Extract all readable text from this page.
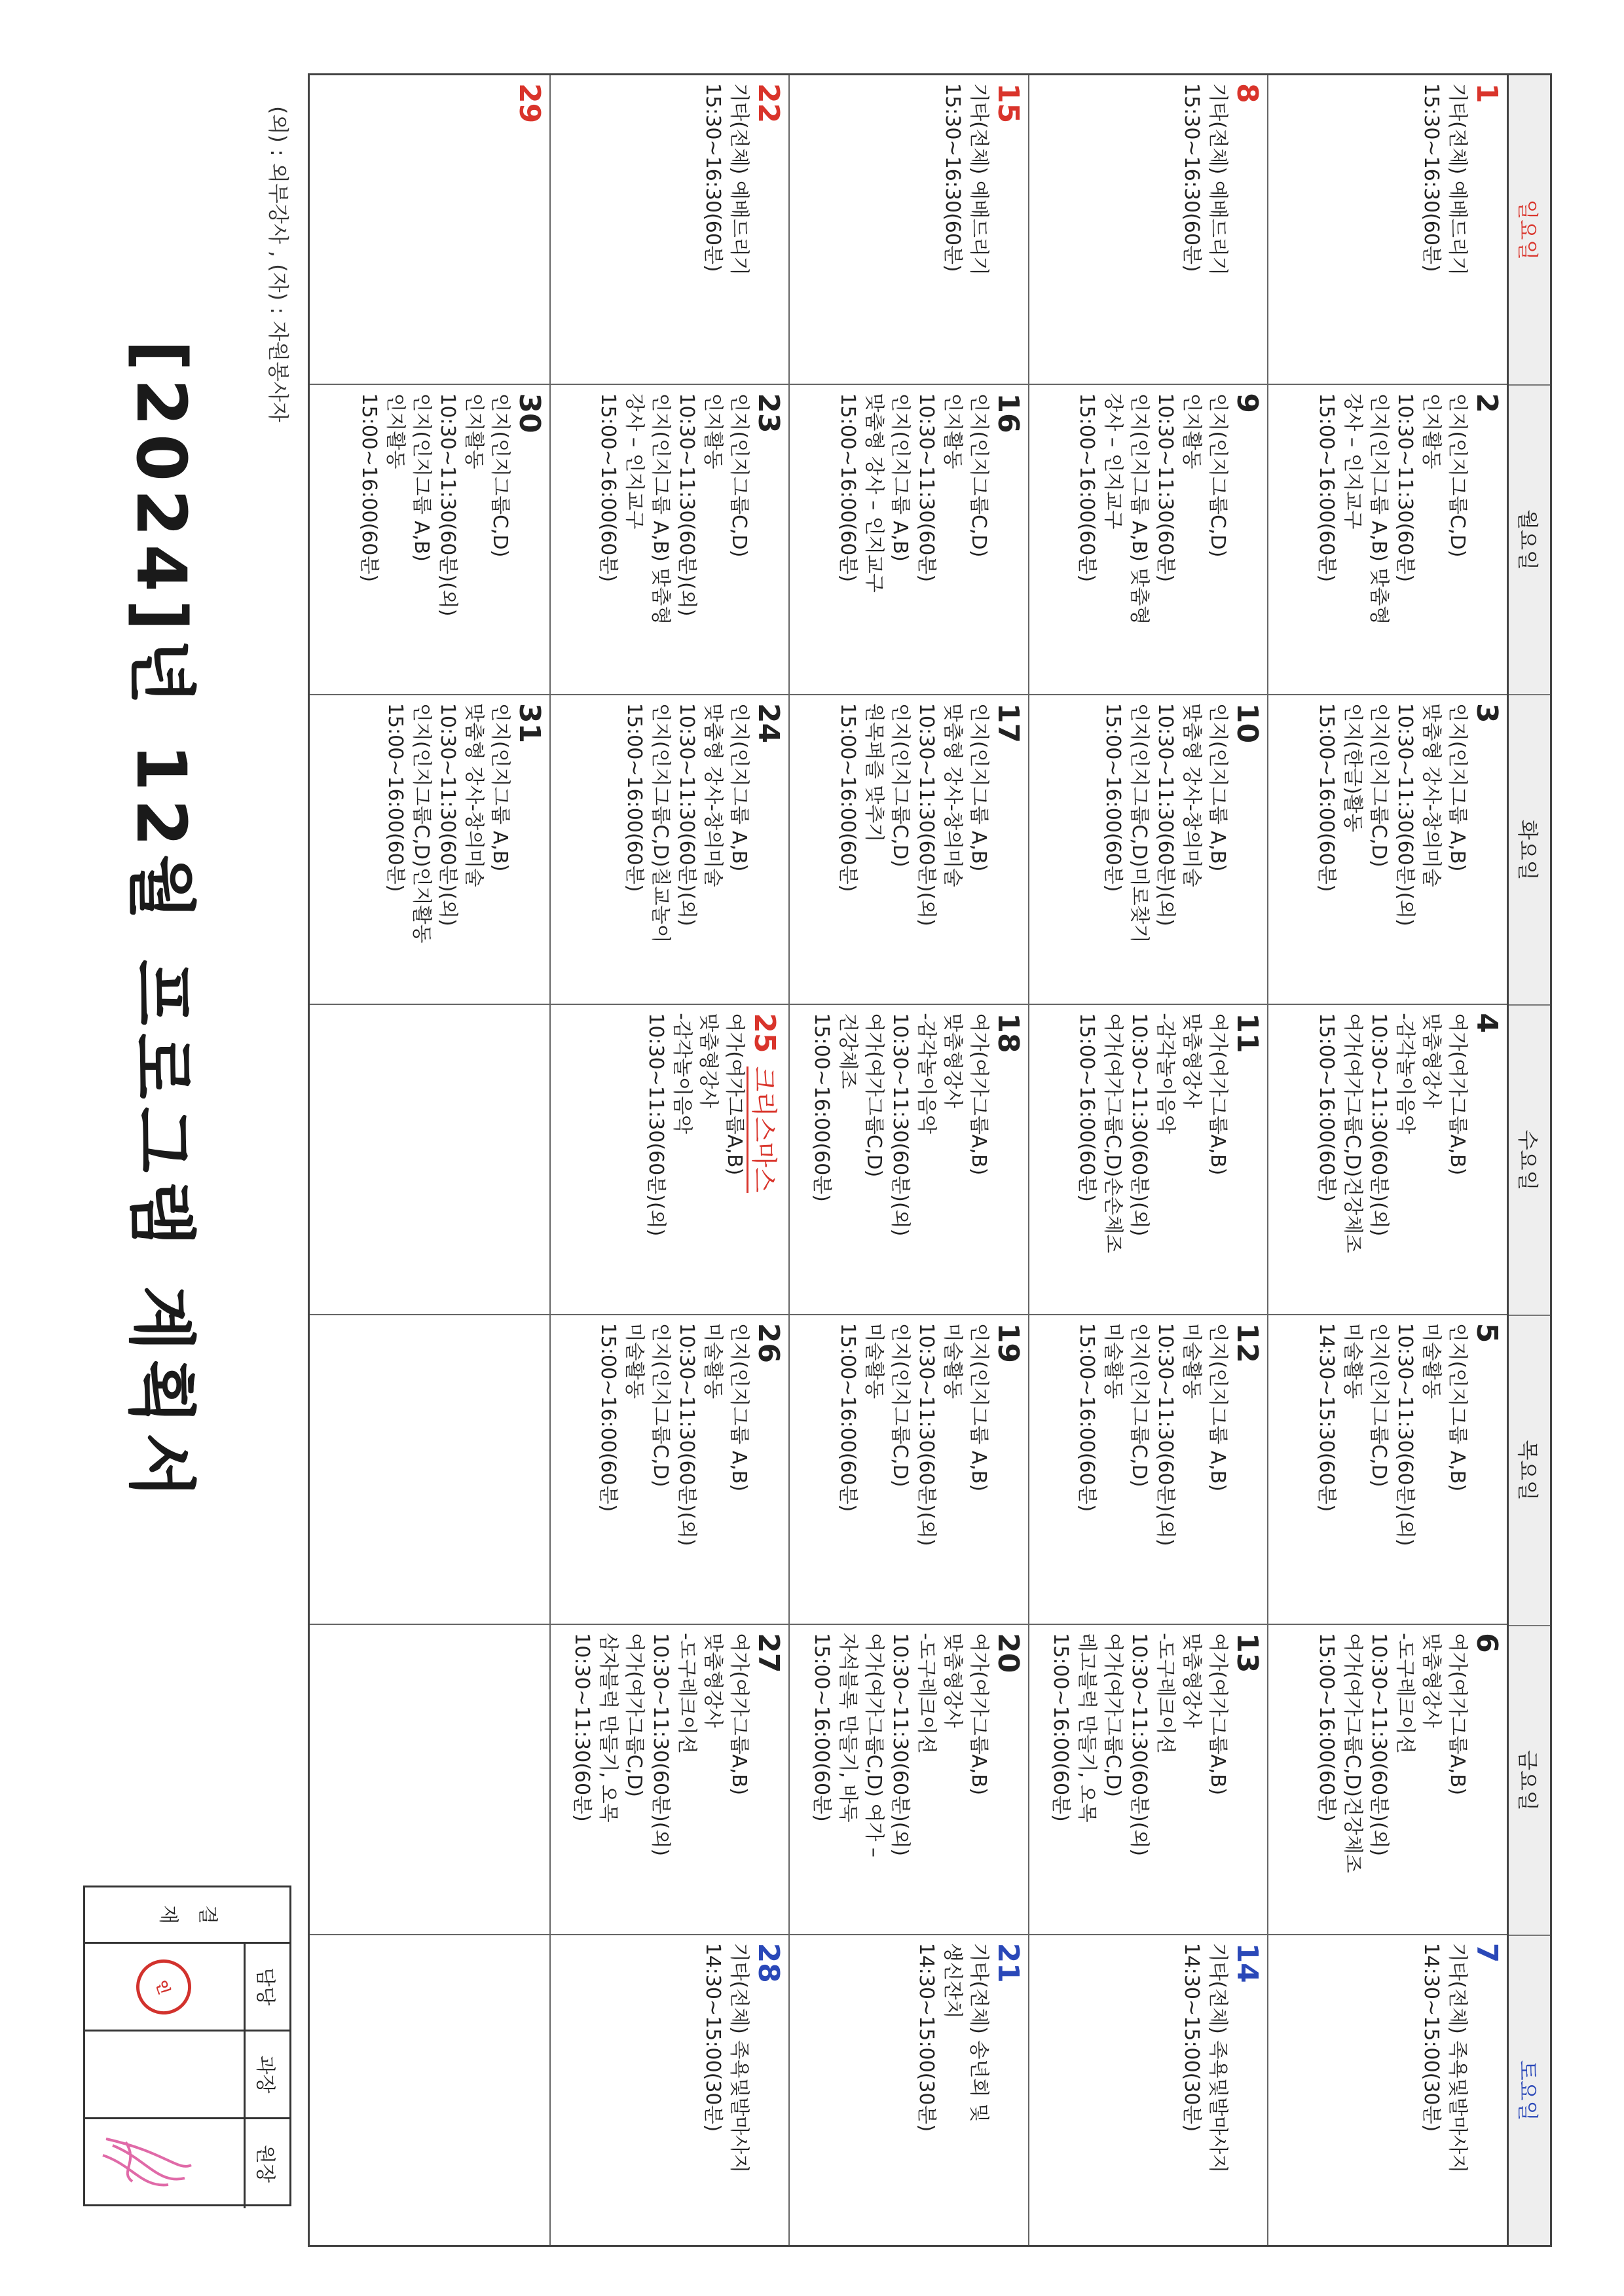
[2024]년 12월 프로그램 계획서
(외) : 외부강사 , (자) : 자원봉사자
결
재
담당
과장
원장
인
일요일
월요일
화요일
수요일
목요일
금요일
토요일
1
기타(전체) 예배드리기
15:30~16:30(60분)
2
인지(인지그룹C,D)
인지활동
10:30~11:30(60분)
인지(인지그룹 A,B) 맞춤형
강사 – 인지교구
15:00~16:00(60분)
3
인지(인지그룹 A,B)
맞춤형 강사-창의미술
10:30~11:30(60분)(외)
인지(인지그룹C,D)
인지(한글)활동
15:00~16:00(60분)
4
여가(여가그룹A,B)
맞춤형강사
-감각놀이음악
10:30~11:30(60분)(외)
여가(여가그룹C,D)건강체조
15:00~16:00(60분)
5
인지(인지그룹 A,B)
미술활동
10:30~11:30(60분)(외)
인지(인지그룹C,D)
미술활동
14:30~15:30(60분)
6
여가(여가그룹A,B)
맞춤형강사
-도구레크이션
10:30~11:30(60분)(외)
여가(여가그룹C,D)건강체조
15:00~16:00(60분)
7
기타(전체) 족욕및발마사지
14:30~15:00(30분)
8
기타(전체) 예배드리기
15:30~16:30(60분)
9
인지(인지그룹C,D)
인지활동
10:30~11:30(60분)
인지(인지그룹 A,B) 맞춤형
강사 – 인지교구
15:00~16:00(60분)
10
인지(인지그룹 A,B)
맞춤형 강사-창의미술
10:30~11:30(60분)(외)
인지(인지그룹C,D)미로찾기
15:00~16:00(60분)
11
여가(여가그룹A,B)
맞춤형강사
-감각놀이음악
10:30~11:30(60분)(외)
여가(여가그룹C,D)손손체조
15:00~16:00(60분)
12
인지(인지그룹 A,B)
미술활동
10:30~11:30(60분)(외)
인지(인지그룹C,D)
미술활동
15:00~16:00(60분)
13
여가(여가그룹A,B)
맞춤형강사
-도구레크이션
10:30~11:30(60분)(외)
여가(여가그룹C,D)
레고블럭 만들기, 오목
15:00~16:00(60분)
14
기타(전체) 족욕및발마사지
14:30~15:00(30분)
15
기타(전체) 예배드리기
15:30~16:30(60분)
16
인지(인지그룹C,D)
인지활동
10:30~11:30(60분)
인지(인지그룹 A,B)
맞춤형 강사 – 인지교구
15:00~16:00(60분)
17
인지(인지그룹 A,B)
맞춤형 강사-창의미술
10:30~11:30(60분)(외)
인지(인지그룹C,D)
원목퍼즐 맞추기
15:00~16:00(60분)
18
여가(여가그룹A,B)
맞춤형강사
-감각놀이음악
10:30~11:30(60분)(외)
여가(여가그룹C,D)
건강체조
15:00~16:00(60분)
19
인지(인지그룹 A,B)
미술활동
10:30~11:30(60분)(외)
인지(인지그룹C,D)
미술활동
15:00~16:00(60분)
20
여가(여가그룹A,B)
맞춤형강사
-도구레크이션
10:30~11:30(60분)(외)
여가(여가그룹C,D) 여가 –
자석블록 만들기, 바둑
15:00~16:00(60분)
21
기타(전체) 송년회 및
생신잔치
14:30~15:00(30분)
22
기타(전체) 예배드리기
15:30~16:30(60분)
23
인지(인지그룹C,D)
인지활동
10:30~11:30(60분)(외)
인지(인지그룹 A,B) 맞춤형
강사 – 인지교구
15:00~16:00(60분)
24
인지(인지그룹 A,B)
맞춤형 강사-창의미술
10:30~11:30(60분)(외)
인지(인지그룹C,D)칠교놀이
15:00~16:00(60분)
25크리스마스
여가(여가그룹A,B)
맞춤형강사
-감각놀이음악
10:30~11:30(60분)(외)
26
인지(인지그룹 A,B)
미술활동
10:30~11:30(60분)(외)
인지(인지그룹C,D)
미술활동
15:00~16:00(60분)
27
여가(여가그룹A,B)
맞춤형강사
-도구레크이션
10:30~11:30(60분)(외)
여가(여가그룹C,D)
삼자블럭 만들기, 오목
10:30~11:30(60분)
28
기타(전체) 족욕및발마사지
14:30~15:00(30분)
29
30
인지(인지그룹C,D)
인지활동
10:30~11:30(60분)(외)
인지(인지그룹 A,B)
인지활동
15:00~16:00(60분)
31
인지(인지그룹 A,B)
맞춤형 강사-창의미술
10:30~11:30(60분)(외)
인지(인지그룹C,D)인지활동
15:00~16:00(60분)
